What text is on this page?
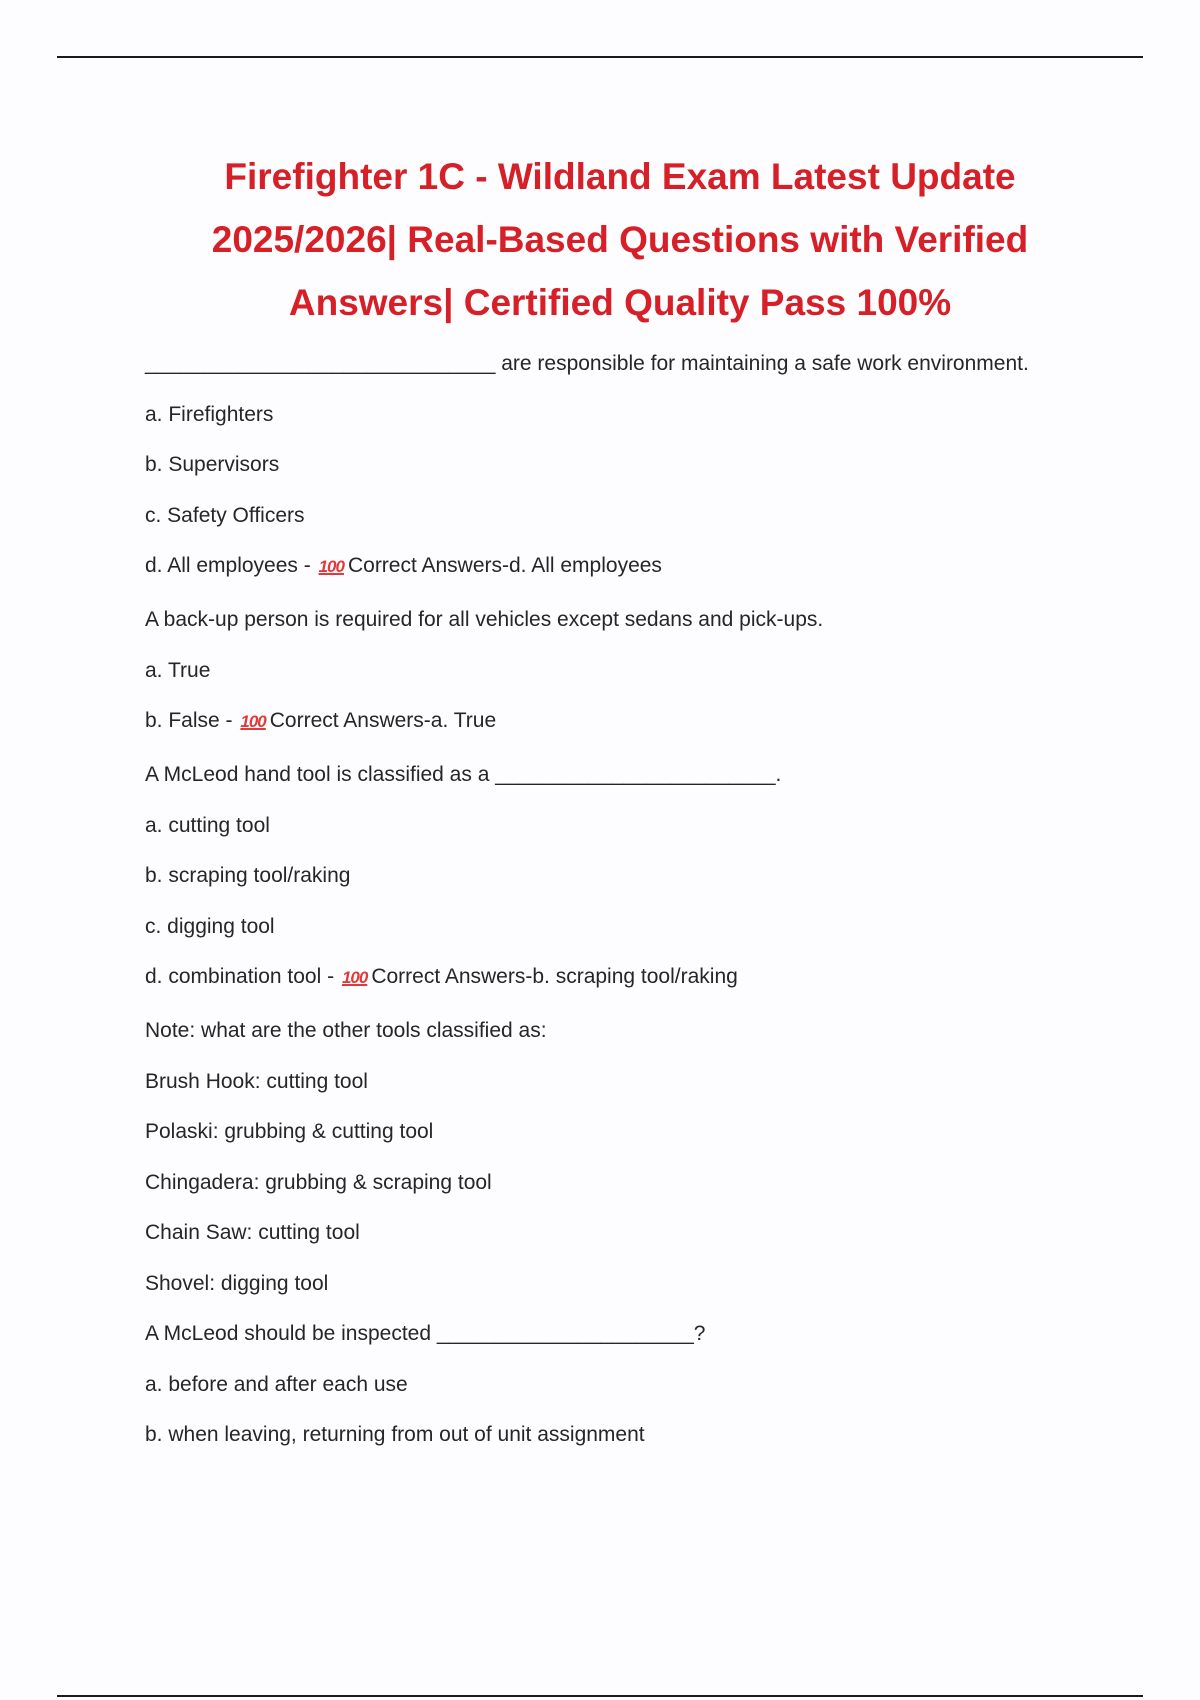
Firefighter 1C - Wildland Exam Latest Update
2025/2026| Real-Based Questions with Verified
Answers| Certified Quality Pass 100%
______________________________ are responsible for maintaining a safe work environment.
a. Firefighters
b. Supervisors
c. Safety Officers
d. All employees - 100 Correct Answers-d. All employees
A back-up person is required for all vehicles except sedans and pick-ups.
a. True
b. False - 100 Correct Answers-a. True
A McLeod hand tool is classified as a ________________________.
a. cutting tool
b. scraping tool/raking
c. digging tool
d. combination tool - 100 Correct Answers-b. scraping tool/raking
Note: what are the other tools classified as:
Brush Hook: cutting tool
Polaski: grubbing & cutting tool
Chingadera: grubbing & scraping tool
Chain Saw: cutting tool
Shovel: digging tool
A McLeod should be inspected ______________________?
a. before and after each use
b. when leaving, returning from out of unit assignment
